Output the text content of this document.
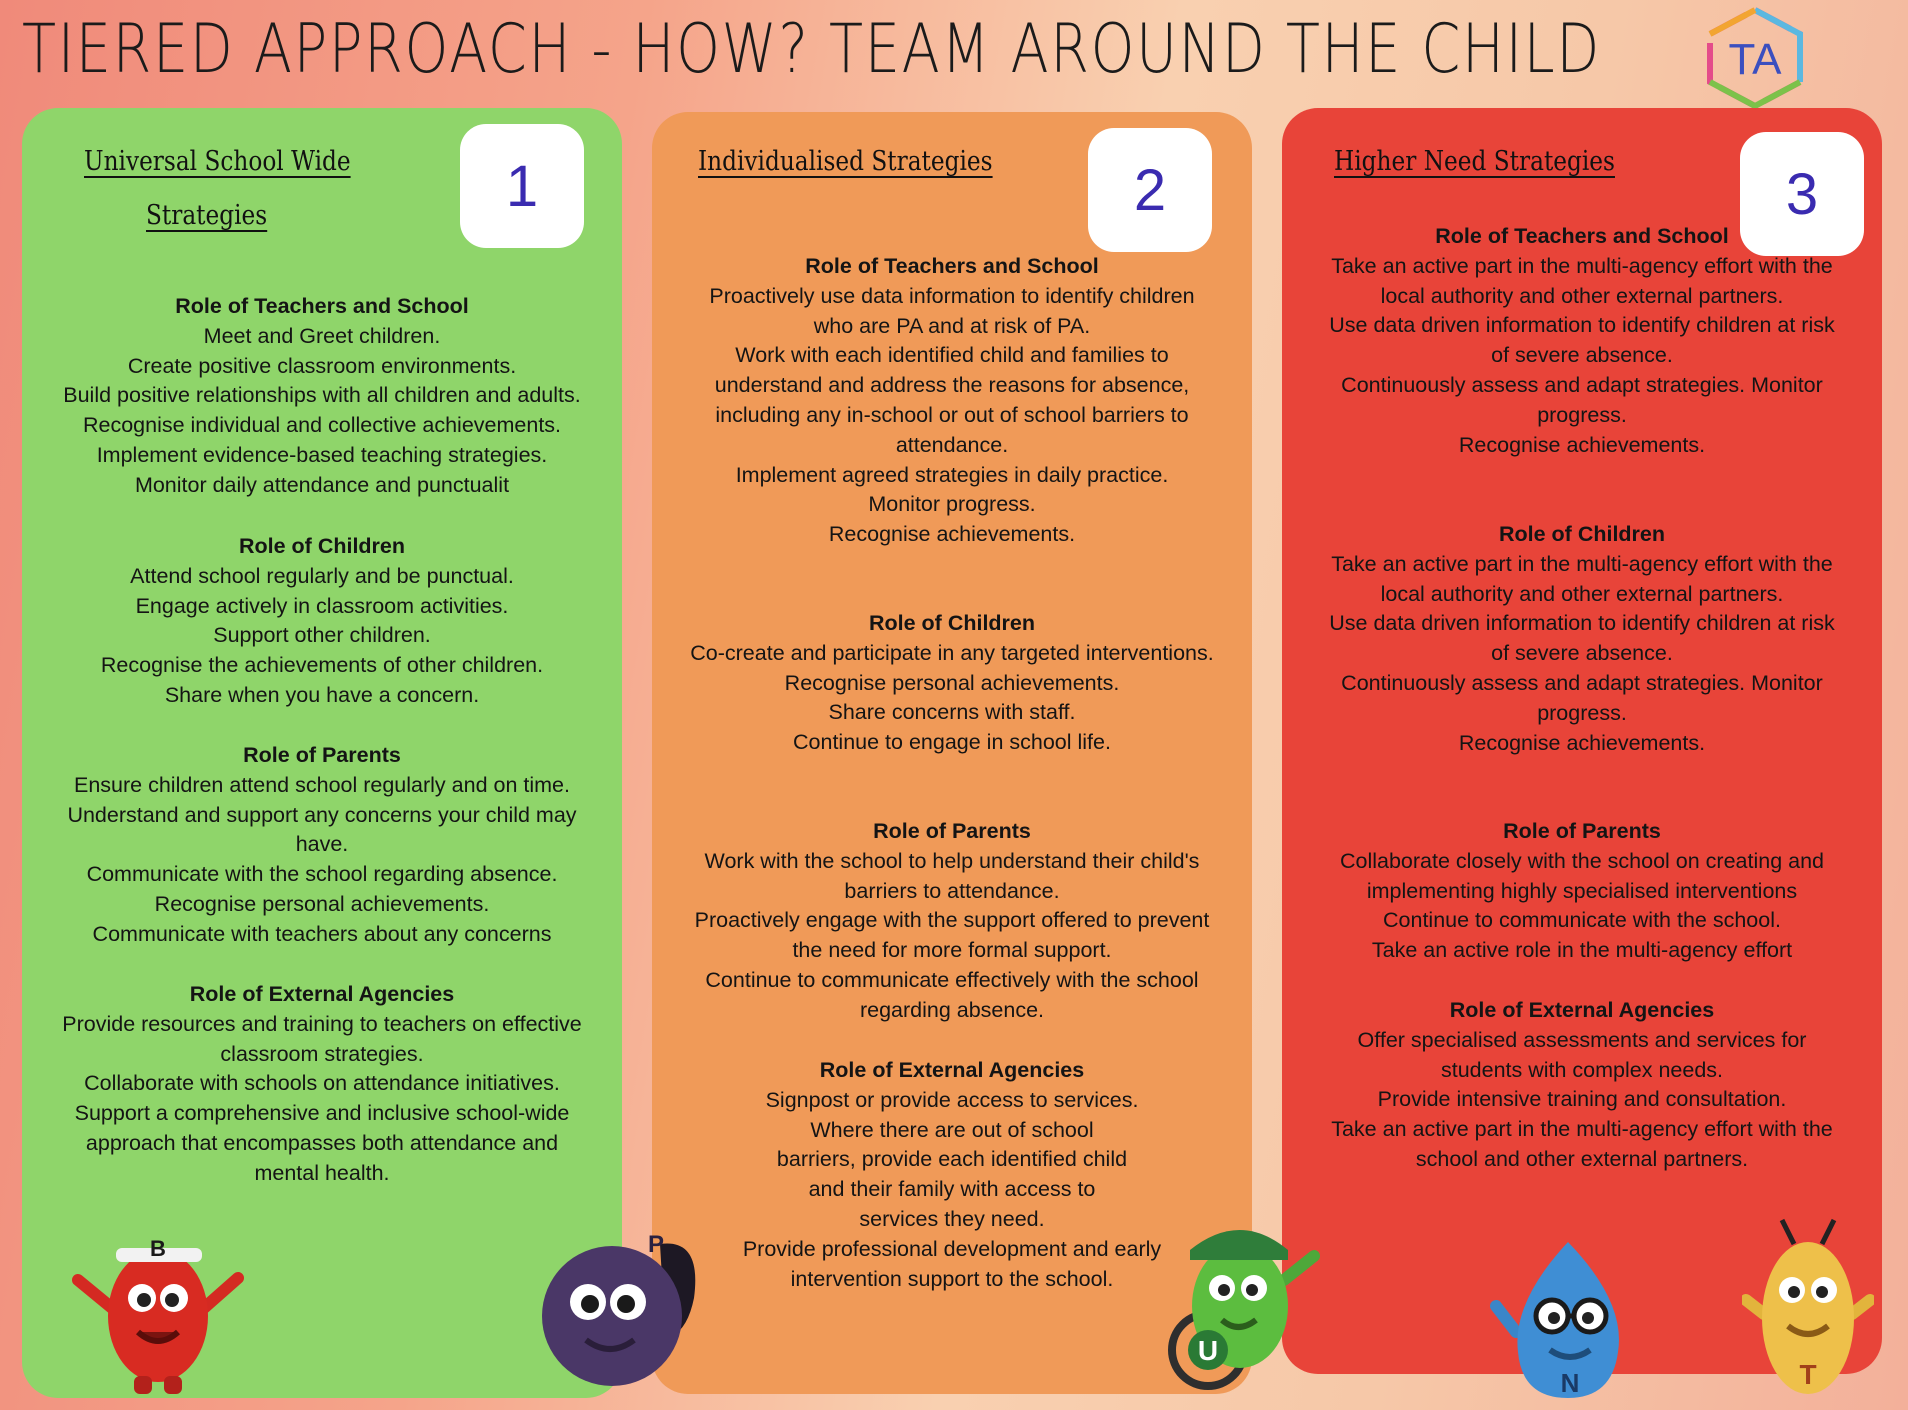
TIERED APPROACH - HOW? TEAM AROUND THE CHILD	TA
Universal School Wide
Strategies	1
Role of Teachers and School
Meet and Greet children.
Create positive classroom environments.
Build positive relationships with all children and adults.
Recognise individual and collective achievements.
Implement evidence-based teaching strategies.
Monitor daily attendance and punctualit
Role of Children
Attend school regularly and be punctual.
Engage actively in classroom activities.
Support other children.
Recognise the achievements of other children.
Share when you have a concern.
Role of Parents
Ensure children attend school regularly and on time.
Understand and support any concerns your child may
have.
Communicate with the school regarding absence.
Recognise personal achievements.
Communicate with teachers about any concerns
Role of External Agencies
Provide resources and training to teachers on effective
classroom strategies.
Collaborate with schools on attendance initiatives.
Support a comprehensive and inclusive school-wide
approach that encompasses both attendance and
mental health.
Individualised Strategies	2
Role of Teachers and School
Proactively use data information to identify children
who are PA and at risk of PA.
Work with each identified child and families to
understand and address the reasons for absence,
including any in-school or out of school barriers to
attendance.
Implement agreed strategies in daily practice.
Monitor progress.
Recognise achievements.
Role of Children
Co-create and participate in any targeted interventions.
Recognise personal achievements.
Share concerns with staff.
Continue to engage in school life.
Role of Parents
Work with the school to help understand their child's
barriers to attendance.
Proactively engage with the support offered to prevent
the need for more formal support.
Continue to communicate effectively with the school
regarding absence.
Role of External Agencies
Signpost or provide access to services.
Where there are out of school
barriers, provide each identified child
and their family with access to
services they need.
Provide professional development and early
intervention support to the school.
Higher Need Strategies	3
Role of Teachers and School
Take an active part in the multi-agency effort with the
local authority and other external partners.
Use data driven information to identify children at risk
of severe absence.
Continuously assess and adapt strategies. Monitor
progress.
Recognise achievements.
Role of Children
Take an active part in the multi-agency effort with the
local authority and other external partners.
Use data driven information to identify children at risk
of severe absence.
Continuously assess and adapt strategies. Monitor
progress.
Recognise achievements.
Role of Parents
Collaborate closely with the school on creating and
implementing highly specialised interventions
Continue to communicate with the school.
Take an active role in the multi-agency effort
Role of External Agencies
Offer specialised assessments and services for
students with complex needs.
Provide intensive training and consultation.
Take an active part in the multi-agency effort with the
school and other external partners.
B	P
U
N	T
